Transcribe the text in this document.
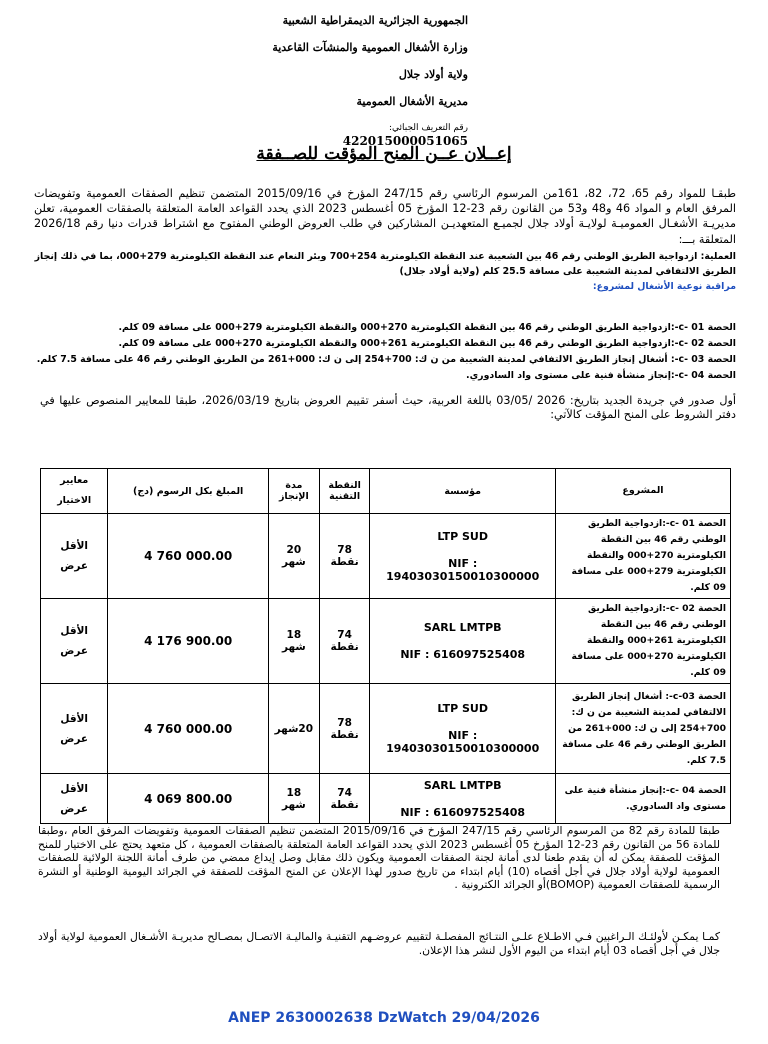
الجمهورية الجزائرية الديمقراطية الشعبية
وزارة الأشغال العمومية والمنشآت القاعدية
ولاية أولاد جلال
مديرية الأشغال العمومية
رقم التعريف الجبائي:
422015000051065
إعــلان عــن المنح المؤقت للصــفقة
طبقـا للمواد رقم 65، 72، 82، 161من المرسوم الرئاسي رقم 247/15 المؤرخ في 2015/09/16 المتضمن تنظيم الصفقات العمومية وتفويضات المرفق العام و المواد 46 و48 و53 من القانون رقم 23-12 المؤرخ 05 أغسطس 2023 الذي يحدد القواعد العامة المتعلقة بالصفقات العمومية، تعلن مديريـة الأشغـال العموميـة لولايـة أولاد جلال لجميـع المتعهديـن المشاركين في طلب العروض الوطني المفتوح مع اشتراط قدرات دنيا رقم 2026/18 المتعلقة بـــ:
العملية: ازدواجية الطريق الوطني رقم 46 بين الشعيبة عند النقطة الكيلومترية 254+700 وبئر النعام عند النقطة الكيلومترية 279+000، بما في ذلك إنجاز الطريق الالتفافي لمدينة الشعيبة على مسافة 25.5 كلم (ولاية أولاد جلال)
مراقبة نوعية الأشغال لمشروع:
الحصة 01 -c-:ازدواجية الطريق الوطني رقم 46 بين النقطة الكيلومترية 270+000 والنقطة الكيلومترية 279+000 على مسافة 09 كلم.
الحصة 02 -c-:ازدواجية الطريق الوطني رقم 46 بين النقطة الكيلومترية 261+000 والنقطة الكيلومترية 270+000 على مسافة 09 كلم.
الحصة 03 -c-: أشغال إنجاز الطريق الالتفافي لمدينة الشعيبة من ن ك: 700+254 إلى ن ك: 000+261 من الطريق الوطني رقم 46 على مسافة 7.5 كلم.
الحصة 04 -c-:إنجاز منشأة فنية على مستوى واد السادوري.
أول صدور في جريدة الجديد بتاريخ: 2026 /03/05 باللغة العربية، حيث أسفر تقييم العروض بتاريخ 2026/03/19، طبقا للمعايير المنصوص عليها في دفتر الشروط على المنح المؤقت كالآتي:
المشروع	مؤسسة	النقطة التقنية	مدة الإنجاز	المبلغ بكل الرسوم (دج)	معايير الاختيار
الحصة 01 -c-:ازدواجية الطريق الوطني رقم 46 بين النقطة الكيلومترية 270+000 والنقطة الكيلومترية 279+000 على مسافة 09 كلم.	LTP SUD
NIF : 19403030150010300000	78 نقطة	20 شهر	4 760 000.00	الأقل عرض
الحصة 02 -c-:ازدواجية الطريق الوطني رقم 46 بين النقطة الكيلومترية 261+000 والنقطة الكيلومترية 270+000 على مسافة 09 كلم.	SARL LMTPB
NIF : 616097525408	74 نقطة	18 شهر	4 176 900.00	الأقل عرض
الحصة 03-c-: أشغال إنجاز الطريق الالتفافي لمدينة الشعيبة من ن ك: 700+254 إلى ن ك: 000+261 من الطريق الوطني رقم 46 على مسافة 7.5 كلم.	LTP SUD
NIF : 19403030150010300000	78 نقطة	20شهر	4 760 000.00	الأقل عرض
الحصة 04 -c-:إنجاز منشأة فنية على مستوى واد السادوري.	SARL LMTPB
NIF : 616097525408	74 نقطة	18 شهر	4 069 800.00	الأقل عرض
طبقا للمادة رقم 82 من المرسوم الرئاسي رقم 247/15 المؤرخ في 2015/09/16 المتضمن تنظيم الصفقات العمومية وتفويضات المرفق العام ،وطبقا للمادة 56 من القانون رقم 23-12 المؤرخ 05 أغسطس 2023 الذي يحدد القواعد العامة المتعلقة بالصفقات العمومية ، كل متعهد يحتج على الاختيار للمنح المؤقت للصفقة يمكن له أن يقدم طعنا لدى أمانة لجنة الصفقات العمومية ويكون ذلك مقابل وصل إيداع ممضي من طرف أمانة اللجنة الولائية للصفقات العمومية لولاية أولاد جلال في أجل أقصاه (10) أيام ابتداء من تاريخ صدور لهذا الإعلان عن المنح المؤقت للصفقة في الجرائد اليومية الوطنية أو النشرة الرسمية للصفقات العمومية (BOMOP)أو الجرائد الكترونية .
كمـا يمكـن لأولئـك الـراغبين فـي الاطـلاع علـى النتـائج المفصلـة لتقييم عروضـهم التقنيـة والماليـة الاتصـال بمصـالح مديريـة الأشـغال العمومية لولاية أولاد جلال في أجل أقصاه 03 أيام ابتداء من اليوم الأول لنشر هذا الإعلان.
ANEP 2630002638 DzWatch 29/04/2026
